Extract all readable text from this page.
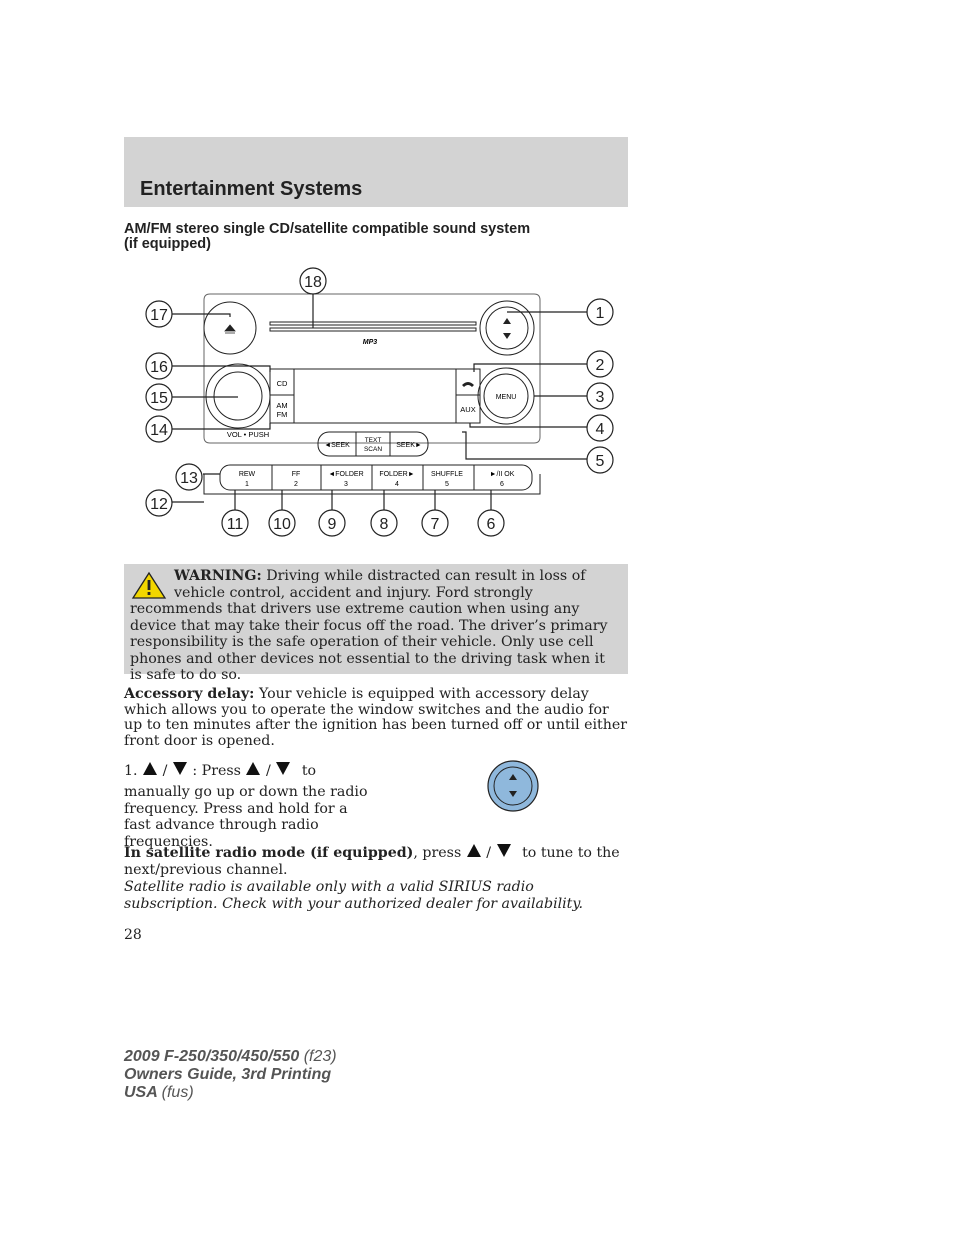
Entertainment Systems
AM/FM stereo single CD/satellite compatible sound system
(if equipped)
MP3
CD
AM
FM
AUX
MENU
VOL • PUSH
◄SEEK
TEXT
SCAN
SEEK►
REW
1
FF
2
◄FOLDER
3
FOLDER►
4
SHUFFLE
5
►/II OK
6
18
1
17
16	2
15	3
14	4
5
13
12
11 10 9	8	7	6
WARNING: Driving while distracted can result in loss of vehicle control, accident and injury. Ford strongly recommends that drivers use extreme caution when using any device that may take their focus off the road. The driver’s primary responsibility is the safe operation of their vehicle. Only use cell phones and other devices not essential to the driving task when it is safe to do so.
Accessory delay: Your vehicle is equipped with accessory delay which allows you to operate the window switches and the audio for up to ten minutes after the ignition has been turned off or until either front door is opened.
1. / : Press / to
manually go up or down the radio frequency. Press and hold for a fast advance through radio frequencies.
In satellite radio mode (if equipped), press / to tune to the next/previous channel.
Satellite radio is available only with a valid SIRIUS radio subscription. Check with your authorized dealer for availability.
28
2009 F-250/350/450/550 (f23)
Owners Guide, 3rd Printing
USA (fus)
